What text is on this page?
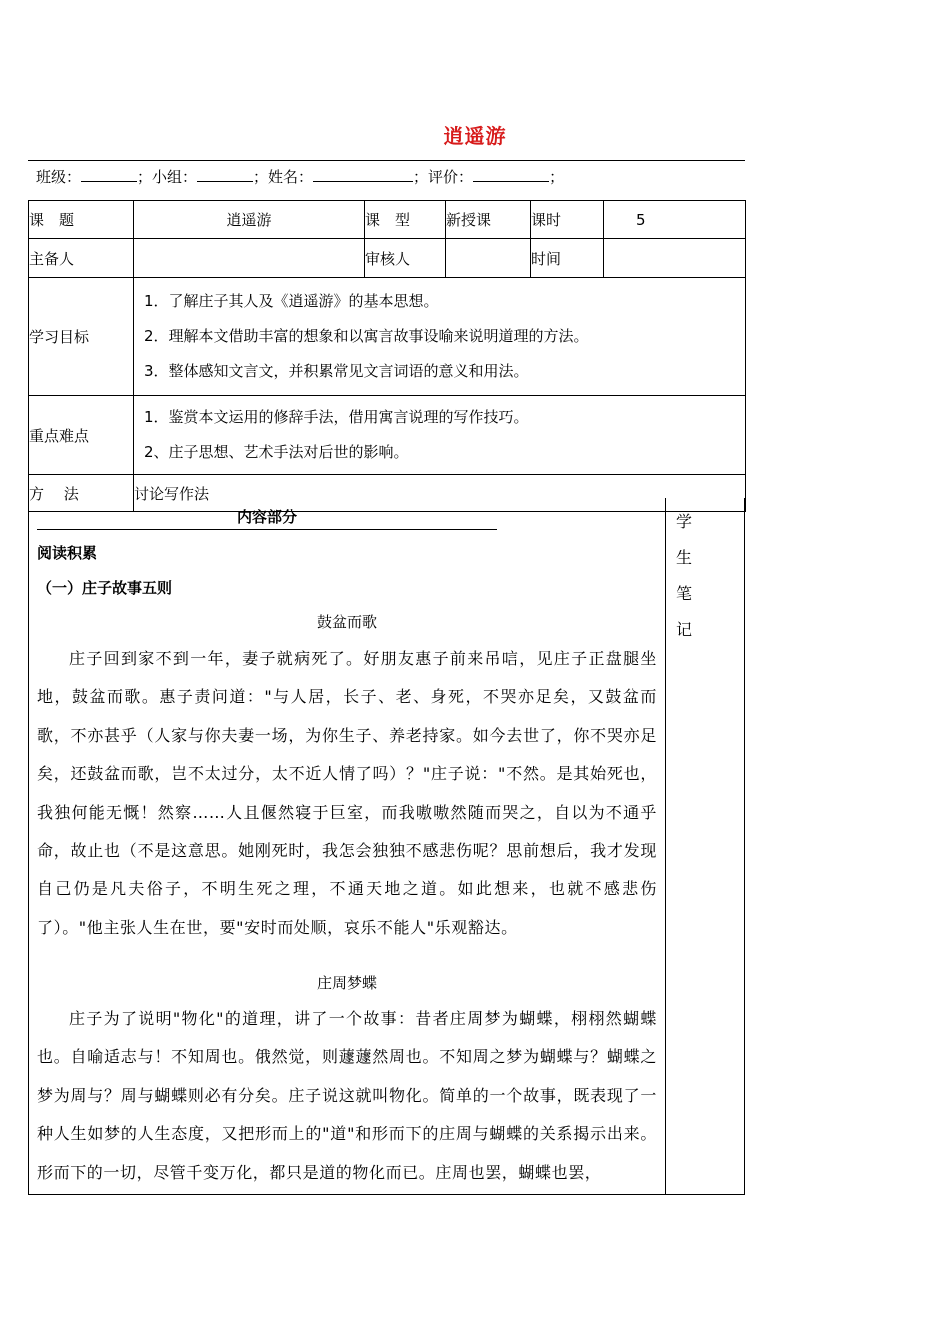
逍遥游
班级：	；小组：	；姓名：	；评价：	；
课　题	逍遥游	课　型	新授课	课时	5
主备人		审核人		时间	
学习目标	1．了解庄子其人及《逍遥游》的基本思想。
2．理解本文借助丰富的想象和以寓言故事设喻来说明道理的方法。
3．整体感知文言文，并积累常见文言词语的意义和用法。				

重点难点	1．鉴赏本文运用的修辞手法，借用寓言说理的写作技巧。
2、庄子思想、艺术手法对后世的影响。				

方　 法	讨论写作法				
内容部分
阅读积累
（一）庄子故事五则
鼓盆而歌
庄子回到家不到一年，妻子就病死了。好朋友惠子前来吊唁，见庄子正盘腿坐地，鼓盆而歌。惠子责问道："与人居，长子、老、身死，不哭亦足矣，又鼓盆而歌，不亦甚乎（人家与你夫妻一场，为你生子、养老持家。如今去世了，你不哭亦足矣，还鼓盆而歌，岂不太过分，太不近人情了吗）？"庄子说："不然。是其始死也，我独何能无慨！然察……人且偃然寝于巨室，而我嗷嗷然随而哭之，自以为不通乎命，故止也（不是这意思。她刚死时，我怎会独独不感悲伤呢？思前想后，我才发现自己仍是凡夫俗子，不明生死之理，不通天地之道。如此想来，也就不感悲伤了）。"他主张人生在世，要"安时而处顺，哀乐不能人"乐观豁达。
庄周梦蝶
庄子为了说明"物化"的道理，讲了一个故事：昔者庄周梦为蝴蝶，栩栩然蝴蝶也。自喻适志与！不知周也。俄然觉，则蘧蘧然周也。不知周之梦为蝴蝶与？蝴蝶之梦为周与？周与蝴蝶则必有分矣。庄子说这就叫物化。简单的一个故事，既表现了一种人生如梦的人生态度，又把形而上的"道"和形而下的庄周与蝴蝶的关系揭示出来。形而下的一切，尽管千变万化，都只是道的物化而已。庄周也罢，蝴蝶也罢，
学 生
笔 记
